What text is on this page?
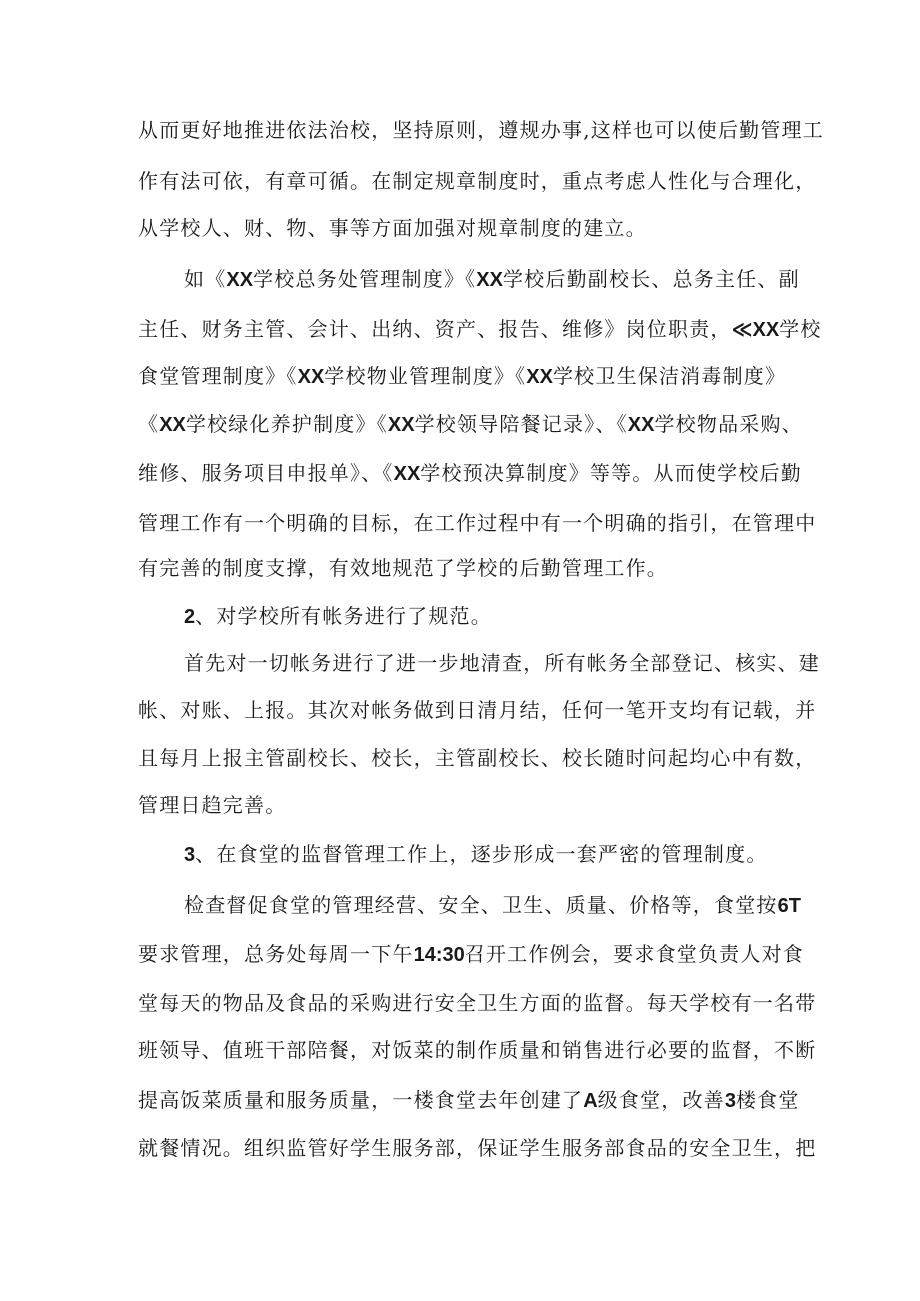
从而更好地推进依法治校，坚持原则，遵规办事,这样也可以使后勤管理工
作有法可依，有章可循。在制定规章制度时，重点考虑人性化与合理化，
从学校人、财、物、事等方面加强对规章制度的建立。
如《XX学校总务处管理制度》《XX学校后勤副校长、总务主任、副
主任、财务主管、会计、出纳、资产、报告、维修》岗位职责，≪XX学校
食堂管理制度》《XX学校物业管理制度》《XX学校卫生保洁消毒制度》
《XX学校绿化养护制度》《XX学校领导陪餐记录》、《XX学校物品采购、
维修、服务项目申报单》、《XX学校预决算制度》等等。从而使学校后勤
管理工作有一个明确的目标，在工作过程中有一个明确的指引，在管理中
有完善的制度支撑，有效地规范了学校的后勤管理工作。
2、对学校所有帐务进行了规范。
首先对一切帐务进行了进一步地清查，所有帐务全部登记、核实、建
帐、对账、上报。其次对帐务做到日清月结，任何一笔开支均有记载，并
且每月上报主管副校长、校长，主管副校长、校长随时问起均心中有数，
管理日趋完善。
3、在食堂的监督管理工作上，逐步形成一套严密的管理制度。
检查督促食堂的管理经营、安全、卫生、质量、价格等，食堂按6T
要求管理，总务处每周一下午14:30召开工作例会，要求食堂负责人对食
堂每天的物品及食品的采购进行安全卫生方面的监督。每天学校有一名带
班领导、值班干部陪餐，对饭菜的制作质量和销售进行必要的监督，不断
提高饭菜质量和服务质量，一楼食堂去年创建了A级食堂，改善3楼食堂
就餐情况。组织监管好学生服务部，保证学生服务部食品的安全卫生，把
